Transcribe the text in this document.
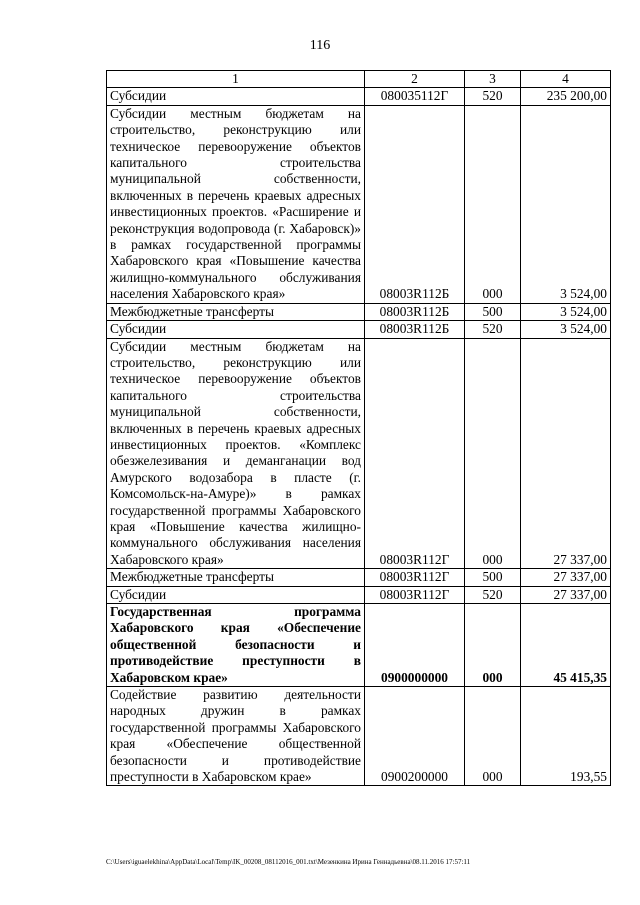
116
1	2	3	4
Субсидии	080035112Г	520	235 200,00
Субсидии местным бюджетам на строительство, реконструкцию или техническое перевооружение объектов капитального строительства муниципальной собственности, включенных в перечень краевых адресных инвестиционных проектов. «Расширение и реконструкция водопровода (г. Хабаровск)» в рамках государственной программы Хабаровского края «Повышение качества жилищно-коммунального обслуживания населения Хабаровского края»	08003R112Б	000	3 524,00
Межбюджетные трансферты	08003R112Б	500	3 524,00
Субсидии	08003R112Б	520	3 524,00
Субсидии местным бюджетам на строительство, реконструкцию или техническое перевооружение объектов капитального строительства муниципальной собственности, включенных в перечень краевых адресных инвестиционных проектов. «Комплекс обезжелезивания и деманганации вод Амурского водозабора в пласте (г. Комсомольск-на-Амуре)» в рамках государственной программы Хабаровского края «Повышение качества жилищно-коммунального обслуживания населения Хабаровского края»	08003R112Г	000	27 337,00
Межбюджетные трансферты	08003R112Г	500	27 337,00
Субсидии	08003R112Г	520	27 337,00
Государственная программа Хабаровского края «Обеспечение общественной безопасности и противодействие преступности в Хабаровском крае»	0900000000	000	45 415,35
Содействие развитию деятельности народных дружин в рамках государственной программы Хабаровского края «Обеспечение общественной безопасности и противодействие преступности в Хабаровском крае»	0900200000	000	193,55
C:\Users\iguaelekhina\AppData\Local\Temp\IK_00208_08112016_001.txt\Мезенкина Ирина Геннадьевна\08.11.2016 17:57:11
